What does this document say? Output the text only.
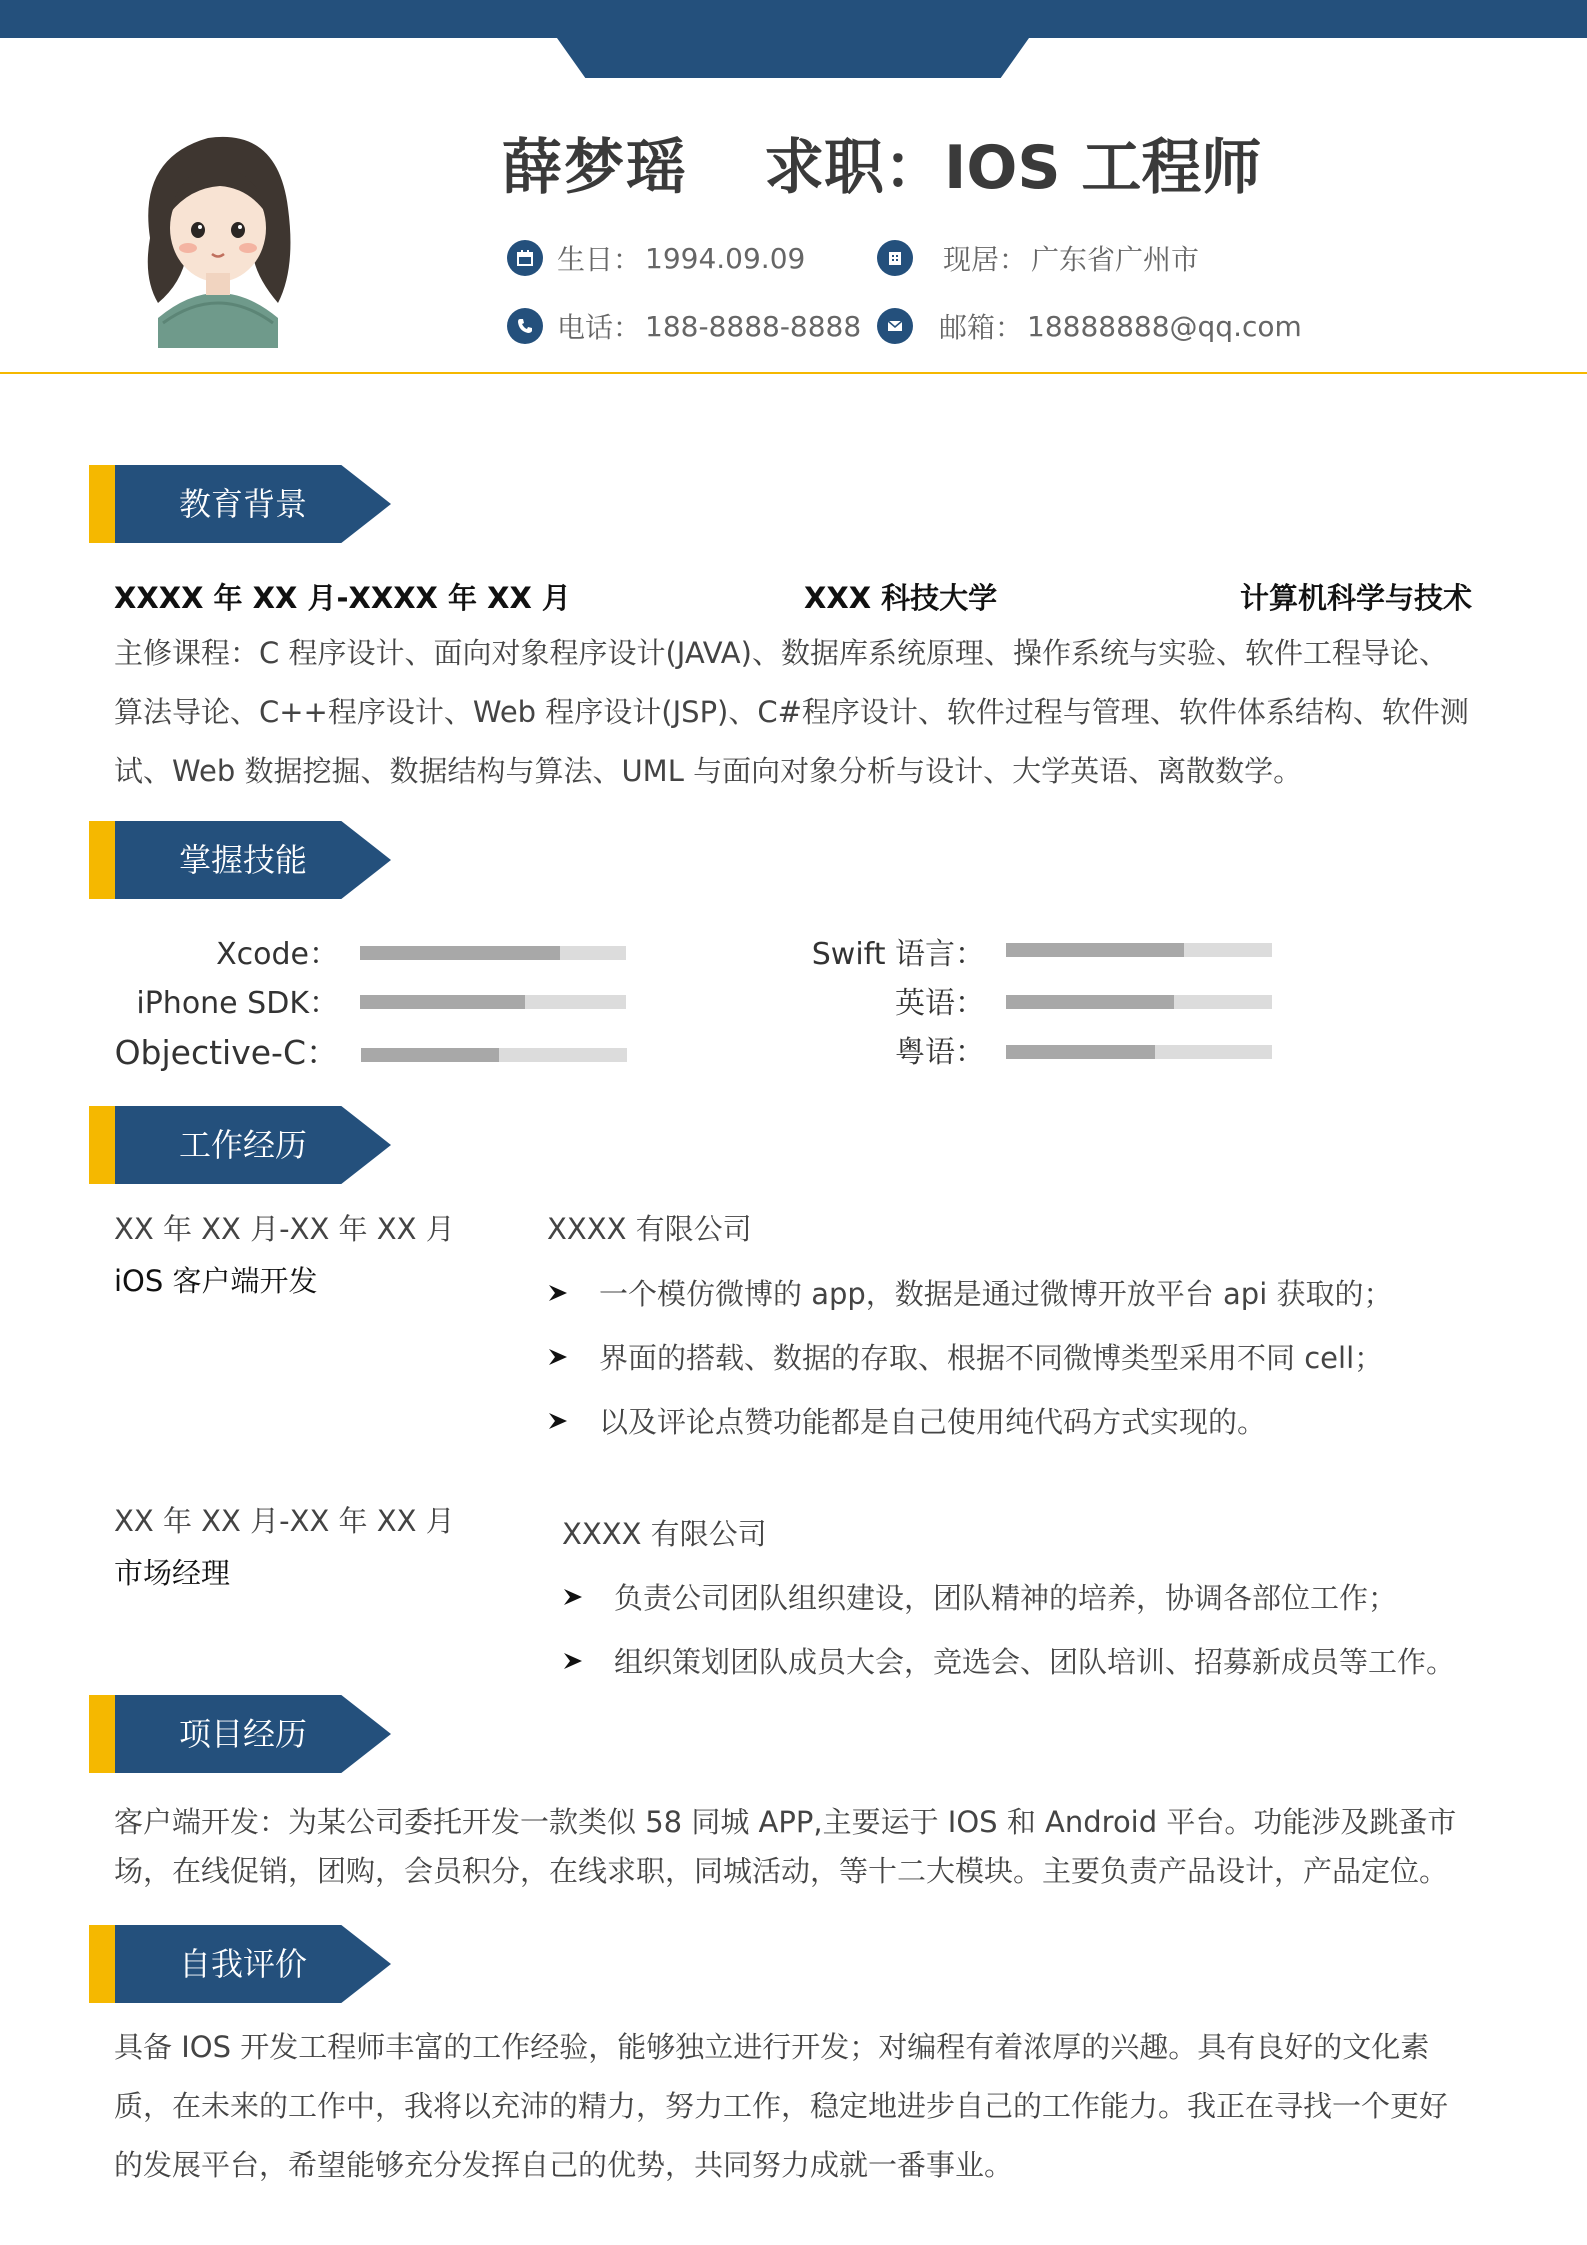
薛梦瑶 求职：IOS 工程师
生日： 1994.09.09	现居： 广东省广州市
电话： 188-8888-8888	邮箱： 18888888@qq.com
教育背景
XXXX 年 XX 月-XXXX 年 XX 月	XXX 科技大学	计算机科学与技术
主修课程：C 程序设计、面向对象程序设计(JAVA)、数据库系统原理、操作系统与实验、软件工程导论、算法导论、C++程序设计、Web 程序设计(JSP)、C#程序设计、软件过程与管理、软件体系结构、软件测试、Web 数据挖掘、数据结构与算法、UML 与面向对象分析与设计、大学英语、离散数学。
掌握技能
Xcode：
iPhone SDK：
Objective-C：
Swift 语言：
英语：
粤语：
工作经历
XX 年 XX 月-XX 年 XX 月
iOS 客户端开发
XXXX 有限公司
一个模仿微博的 app，数据是通过微博开放平台 api 获取的；
界面的搭载、数据的存取、根据不同微博类型采用不同 cell；
以及评论点赞功能都是自己使用纯代码方式实现的。
XX 年 XX 月-XX 年 XX 月
市场经理
XXXX 有限公司
负责公司团队组织建设，团队精神的培养，协调各部位工作；
组织策划团队成员大会，竞选会、团队培训、招募新成员等工作。
项目经历
客户端开发：为某公司委托开发一款类似 58 同城 APP,主要运于 IOS 和 Android 平台。功能涉及跳蚤市场，在线促销，团购，会员积分，在线求职，同城活动，等十二大模块。主要负责产品设计，产品定位。
自我评价
具备 IOS 开发工程师丰富的工作经验，能够独立进行开发；对编程有着浓厚的兴趣。具有良好的文化素质，在未来的工作中，我将以充沛的精力，努力工作，稳定地进步自己的工作能力。我正在寻找一个更好的发展平台，希望能够充分发挥自己的优势，共同努力成就一番事业。
